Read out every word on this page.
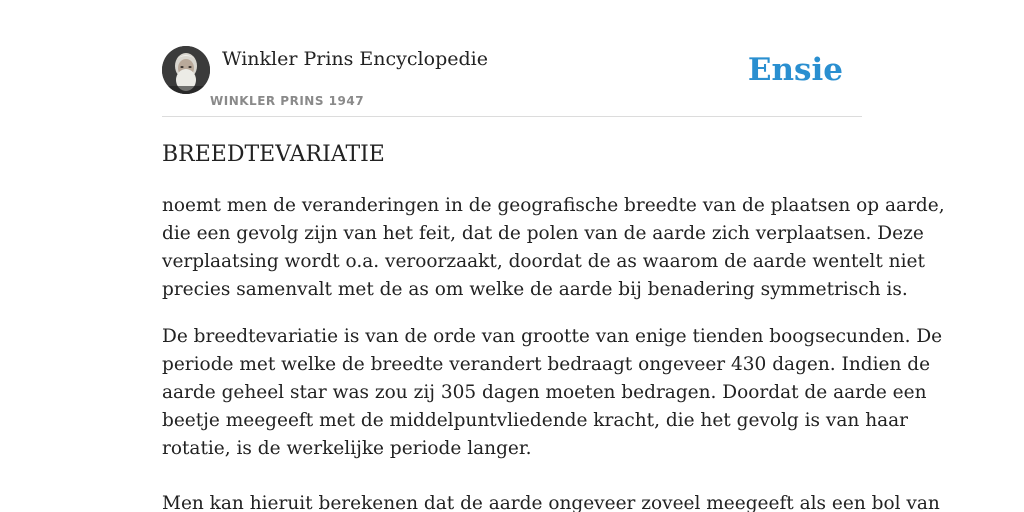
Winkler Prins Encyclopedie
WINKLER PRINS 1947
Ensie
BREEDTEVARIATIE

noemt men de veranderingen in de geografische breedte van de plaatsen op aarde,

die een gevolg zijn van het feit, dat de polen van de aarde zich verplaatsen. Deze

verplaatsing wordt o.a. veroorzaakt, doordat de as waarom de aarde wentelt niet

precies samenvalt met de as om welke de aarde bij benadering symmetrisch is.

De breedtevariatie is van de orde van grootte van enige tienden boogsecunden. De

periode met welke de breedte verandert bedraagt ongeveer 430 dagen. Indien de

aarde geheel star was zou zij 305 dagen moeten bedragen. Doordat de aarde een

beetje meegeeft met de middelpuntvliedende kracht, die het gevolg is van haar

rotatie, is de werkelijke periode langer.

Men kan hieruit berekenen dat de aarde ongeveer zoveel meegeeft als een bol van
